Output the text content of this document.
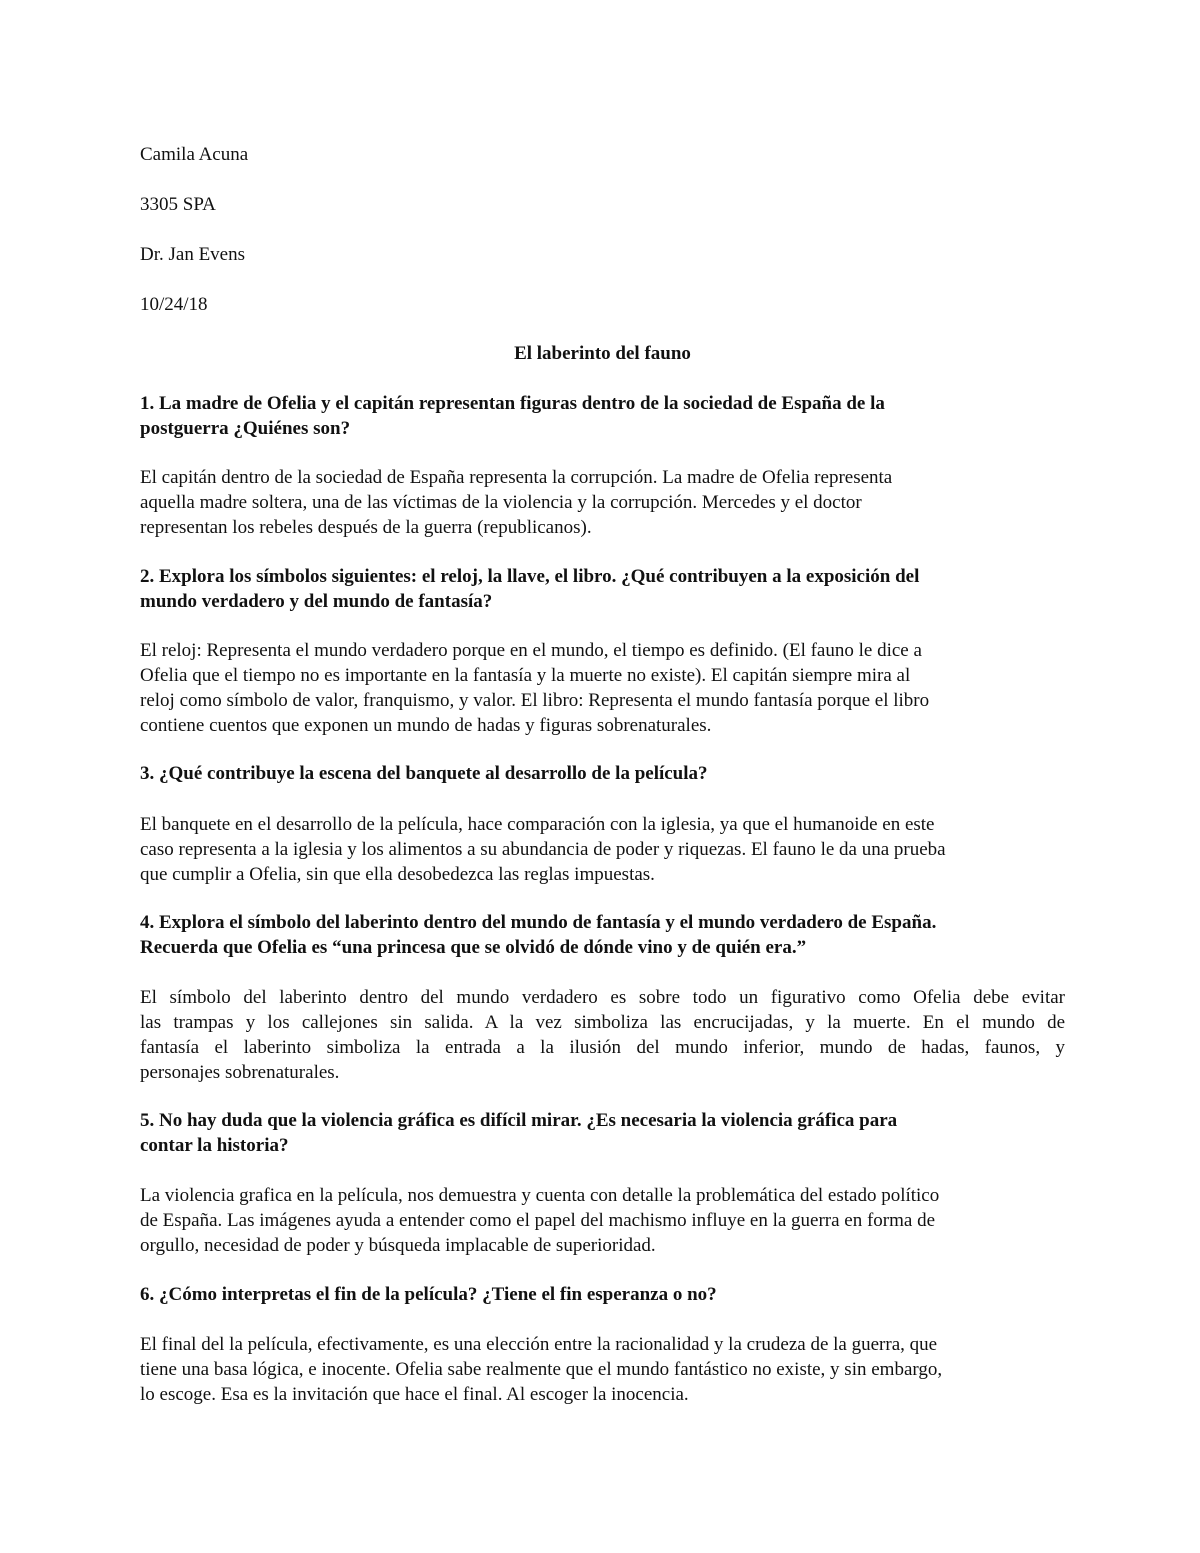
Camila Acuna
3305 SPA
Dr. Jan Evens
10/24/18
El laberinto del fauno
1. La madre de Ofelia y el capitán representan figuras dentro de la sociedad de España de la
postguerra ¿Quiénes son?
El capitán dentro de la sociedad de España representa la corrupción. La madre de Ofelia representa
aquella madre soltera, una de las víctimas de la violencia y la corrupción. Mercedes y el doctor
representan los rebeles después de la guerra (republicanos).
2. Explora los símbolos siguientes: el reloj, la llave, el libro. ¿Qué contribuyen a la exposición del
mundo verdadero y del mundo de fantasía?
El reloj: Representa el mundo verdadero porque en el mundo, el tiempo es definido. (El fauno le dice a
Ofelia que el tiempo no es importante en la fantasía y la muerte no existe). El capitán siempre mira al
reloj como símbolo de valor, franquismo, y valor. El libro: Representa el mundo fantasía porque el libro
contiene cuentos que exponen un mundo de hadas y figuras sobrenaturales.
3. ¿Qué contribuye la escena del banquete al desarrollo de la película?
El banquete en el desarrollo de la película, hace comparación con la iglesia, ya que el humanoide en este
caso representa a la iglesia y los alimentos a su abundancia de poder y riquezas. El fauno le da una prueba
que cumplir a Ofelia, sin que ella desobedezca las reglas impuestas.
4. Explora el símbolo del laberinto dentro del mundo de fantasía y el mundo verdadero de España.
Recuerda que Ofelia es “una princesa que se olvidó de dónde vino y de quién era.”
El símbolo del laberinto dentro del mundo verdadero es sobre todo un figurativo como Ofelia debe evitar
las trampas y los callejones sin salida. A la vez simboliza las encrucijadas, y la muerte. En el mundo de
fantasía el laberinto simboliza la entrada a la ilusión del mundo inferior, mundo de hadas, faunos, y
personajes sobrenaturales.
5. No hay duda que la violencia gráfica es difícil mirar. ¿Es necesaria la violencia gráfica para
contar la historia?
La violencia grafica en la película, nos demuestra y cuenta con detalle la problemática del estado político
de España. Las imágenes ayuda a entender como el papel del machismo influye en la guerra en forma de
orgullo, necesidad de poder y búsqueda implacable de superioridad.
6. ¿Cómo interpretas el fin de la película? ¿Tiene el fin esperanza o no?
El final del la película, efectivamente, es una elección entre la racionalidad y la crudeza de la guerra, que
tiene una basa lógica, e inocente. Ofelia sabe realmente que el mundo fantástico no existe, y sin embargo,
lo escoge. Esa es la invitación que hace el final. Al escoger la inocencia.
